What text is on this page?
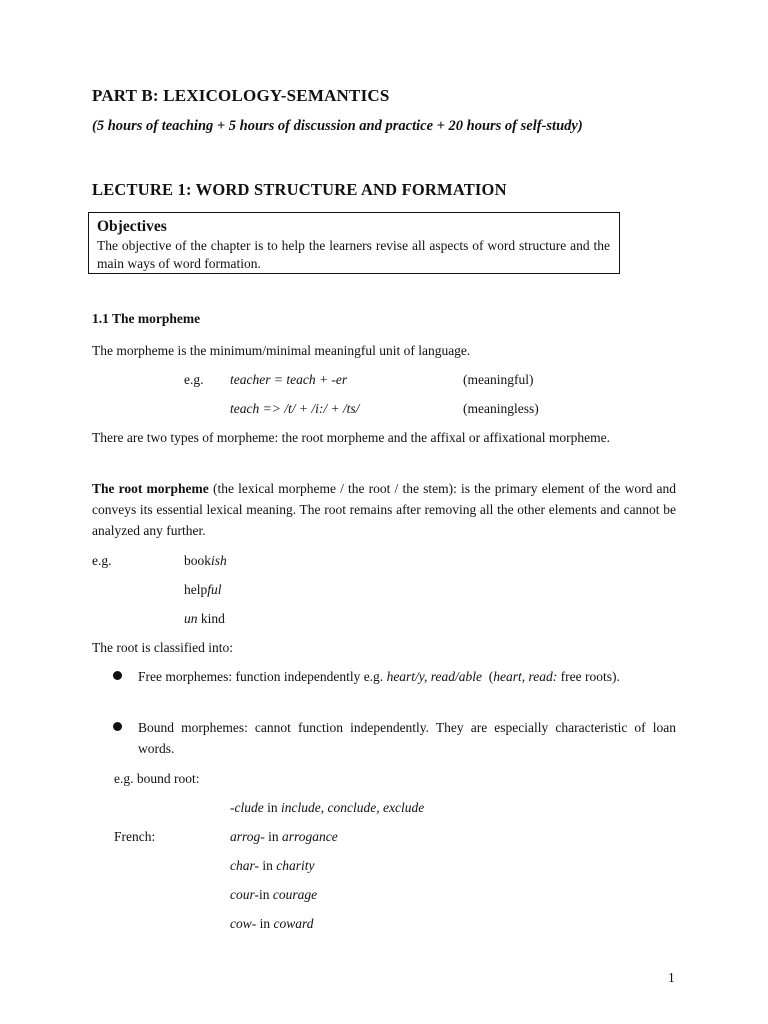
PART B: LEXICOLOGY-SEMANTICS
(5 hours of teaching + 5 hours of discussion and practice + 20 hours of self-study)
LECTURE 1: WORD STRUCTURE AND FORMATION
Objectives
The objective of the chapter is to help the learners revise all aspects of word structure and the main ways of word formation.
1.1 The morpheme
The morpheme is the minimum/minimal meaningful unit of language.
e.g. teacher = teach + -er	(meaningful)
teach => /t/ + /i:/ + /ts/	(meaningless)
There are two types of morpheme: the root morpheme and the affixal or affixational morpheme.
The root morpheme (the lexical morpheme / the root / the stem): is the primary element of the word and conveys its essential lexical meaning. The root remains after removing all the other elements and cannot be analyzed any further.
e.g.	bookish
helpful
un kind
The root is classified into:
Free morphemes: function independently e.g. heart/y, read/able  (heart, read: free roots).
Bound morphemes: cannot function independently. They are especially characteristic of loan words.
e.g. bound root:
-clude in include, conclude, exclude
French:	arrog- in arrogance
char- in charity
cour-in courage
cow- in coward
1
